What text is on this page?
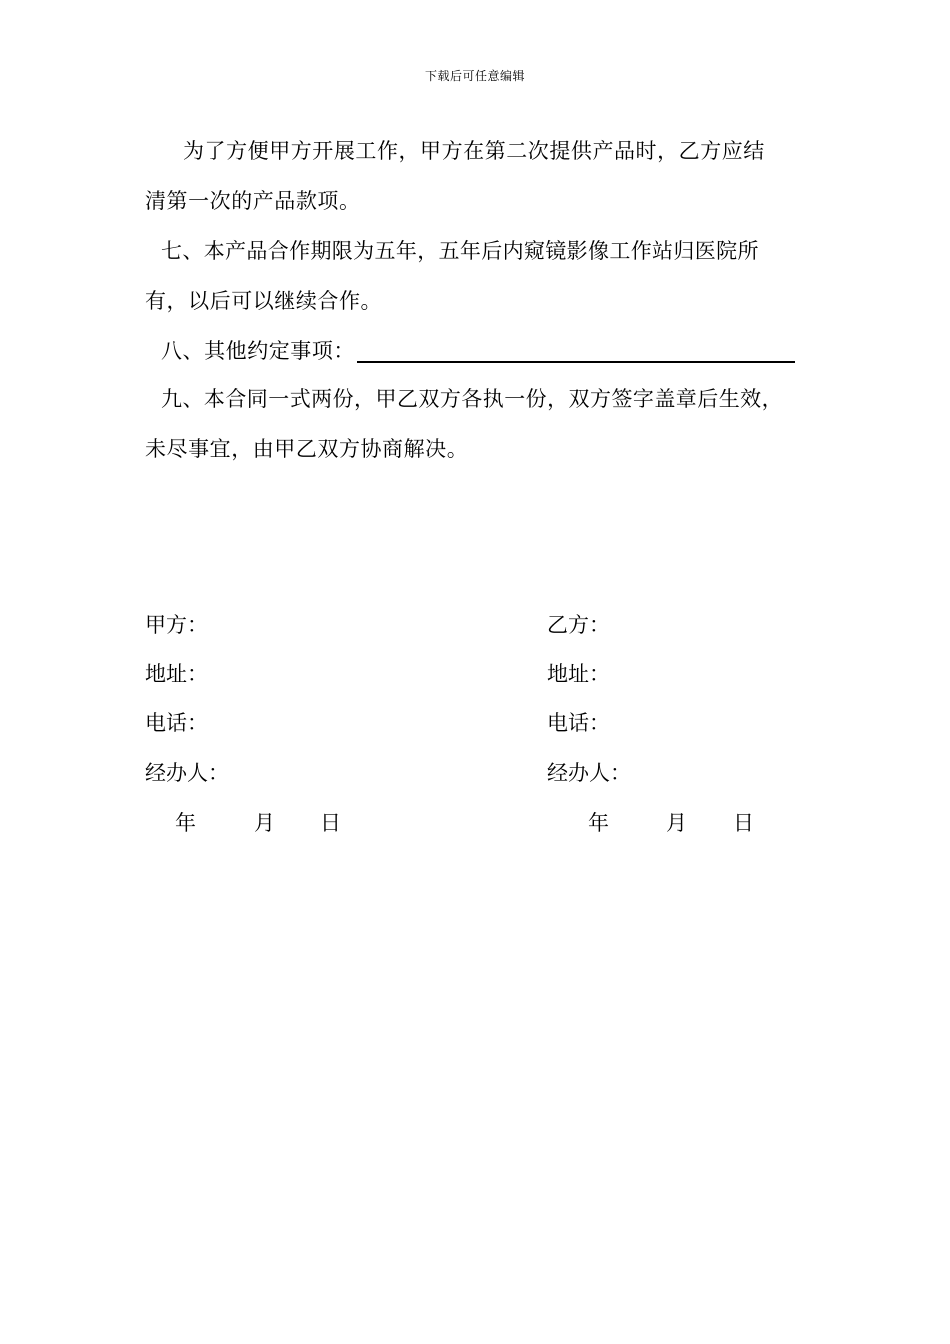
下载后可任意编辑
为了方便甲方开展工作，甲方在第二次提供产品时，乙方应结
清第一次的产品款项。
七、本产品合作期限为五年，五年后内窥镜影像工作站归医院所
有，以后可以继续合作。
八、其他约定事项：
九、本合同一式两份，甲乙双方各执一份，双方签字盖章后生效，
未尽事宜，由甲乙双方协商解决。
甲方：
地址：
电话：
经办人：
年	月 日
乙方：
地址：
电话：
经办人：
年	月 日
